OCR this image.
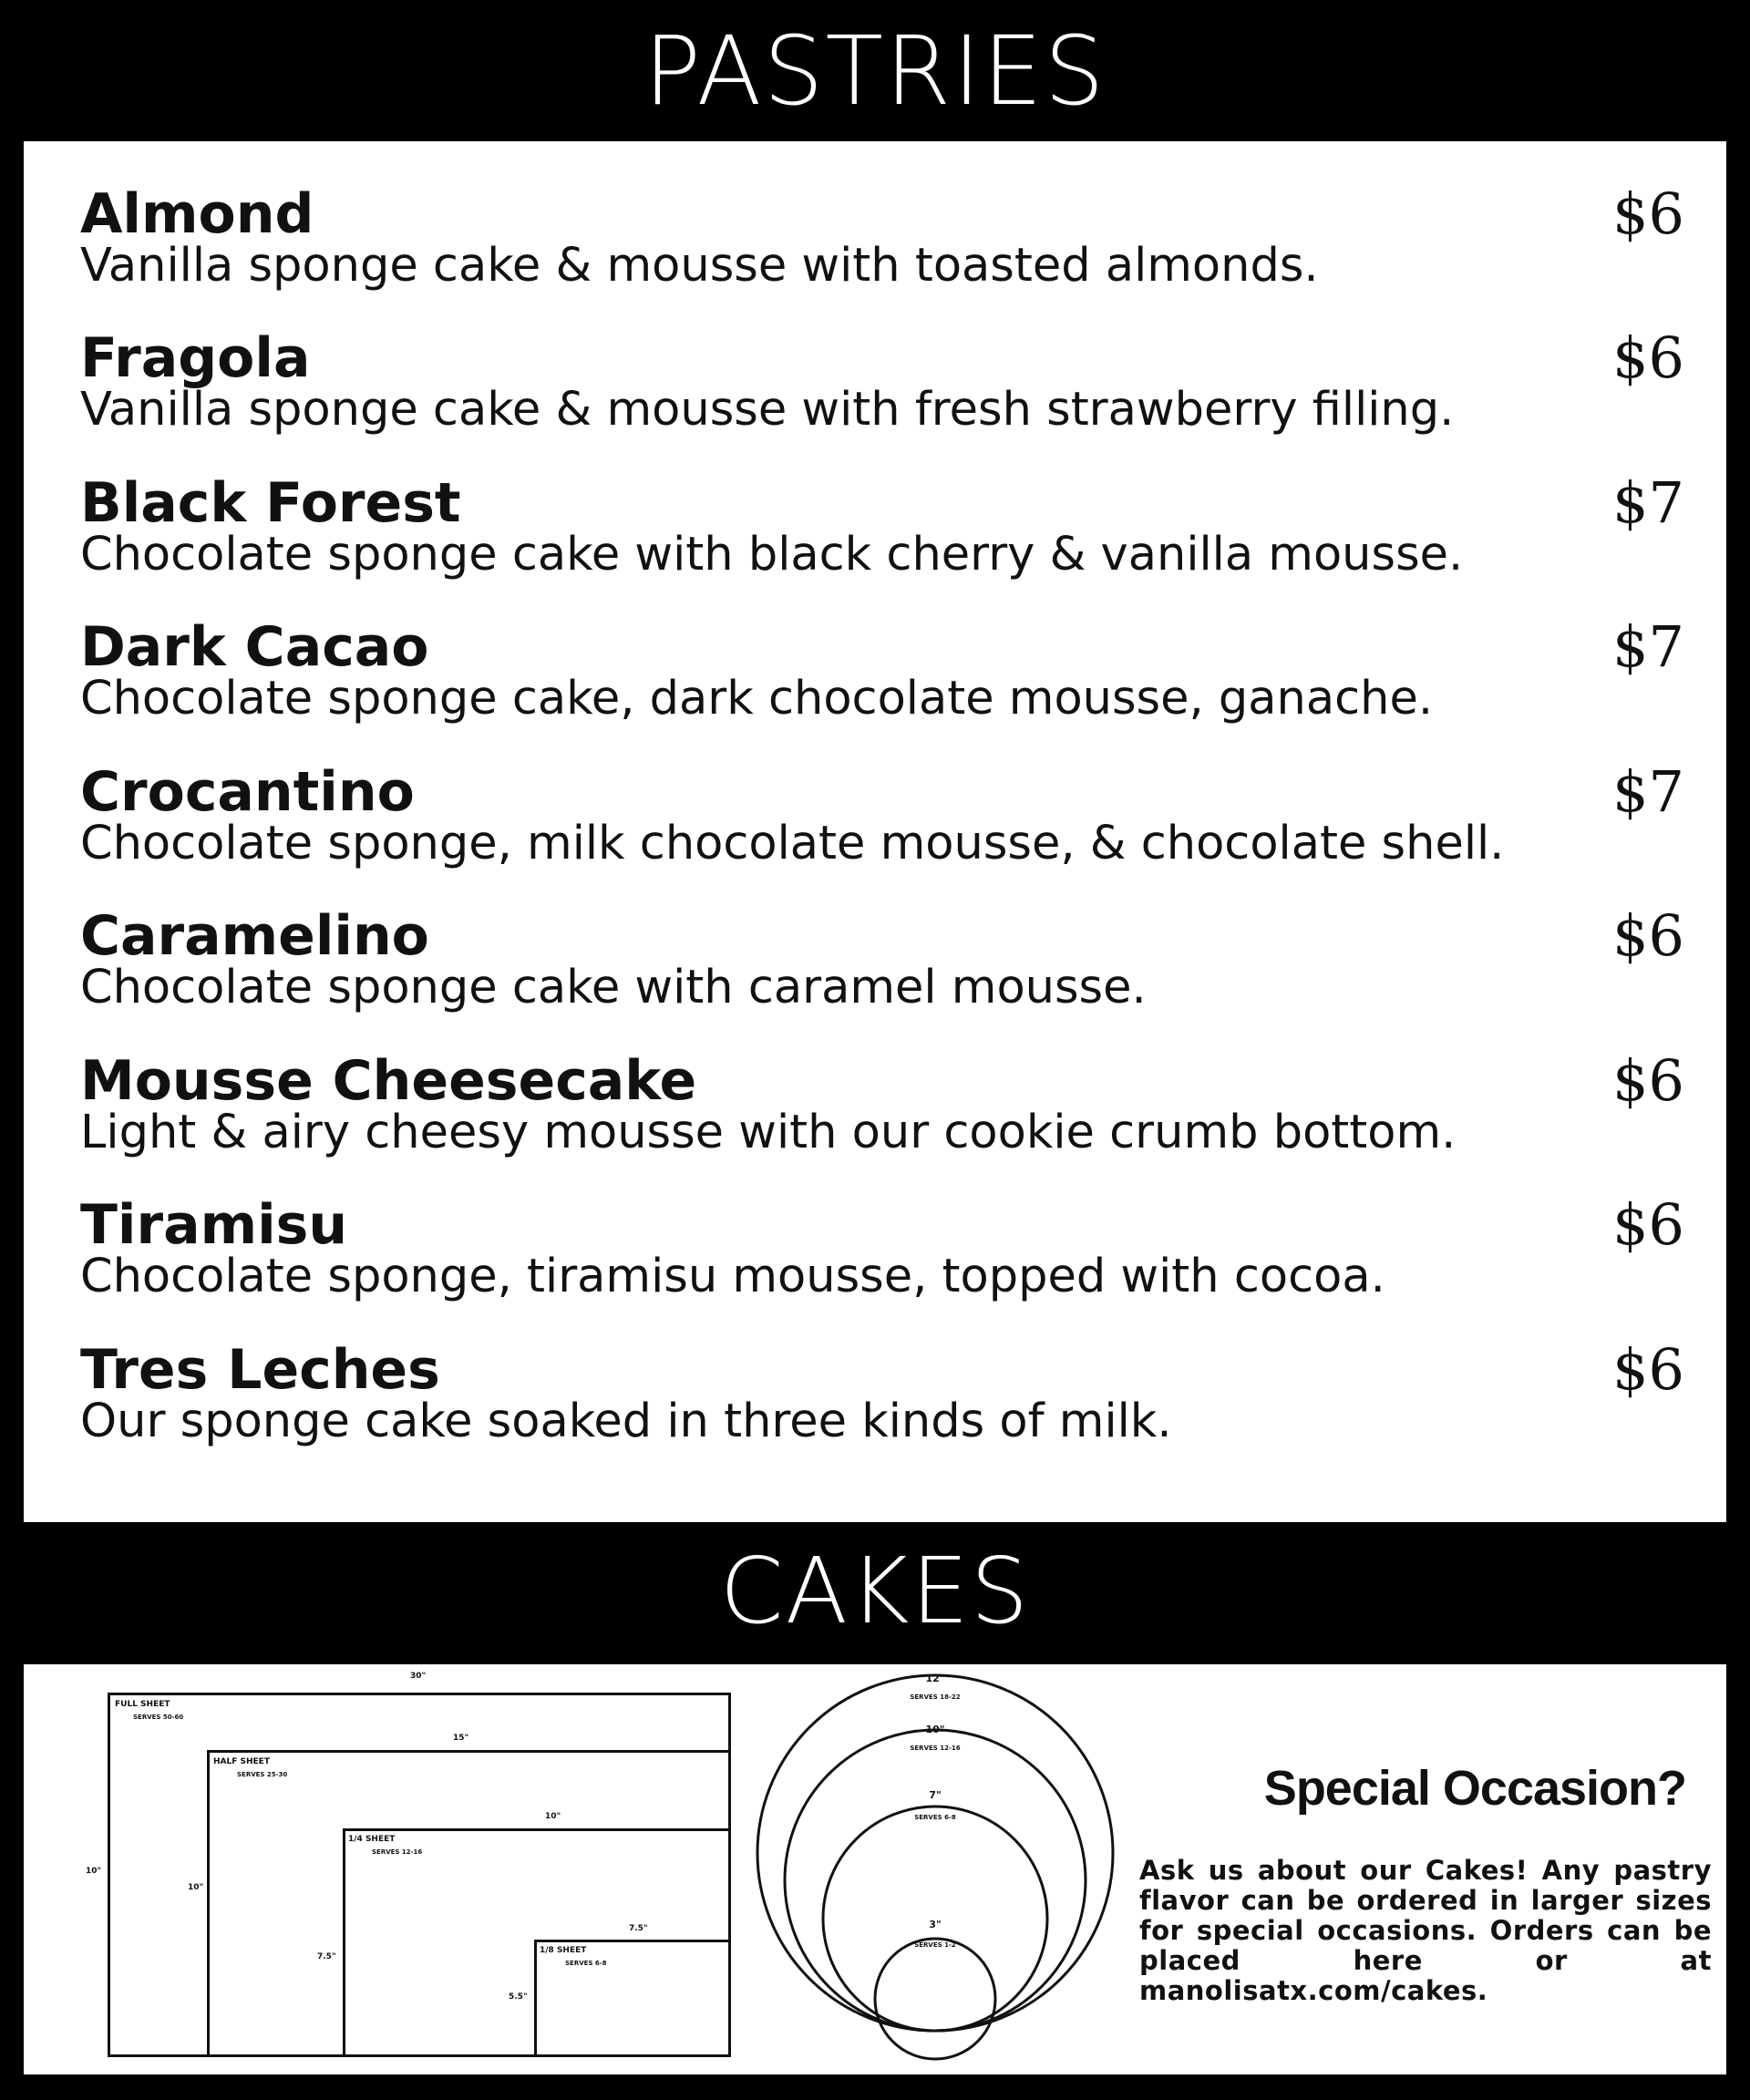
PASTRIES
Almond
Vanilla sponge cake & mousse with toasted almonds.
$6
Fragola
Vanilla sponge cake & mousse with fresh strawberry filling.
$6
Black Forest
Chocolate sponge cake with black cherry & vanilla mousse.
$7
Dark Cacao
Chocolate sponge cake, dark chocolate mousse, ganache.
$7
Crocantino
Chocolate sponge, milk chocolate mousse, & chocolate shell.
$7
Caramelino
Chocolate sponge cake with caramel mousse.
$6
Mousse Cheesecake
Light & airy cheesy mousse with our cookie crumb bottom.
$6
Tiramisu
Chocolate sponge, tiramisu mousse, topped with cocoa.
$6
Tres Leches
Our sponge cake soaked in three kinds of milk.
$6
CAKES
30"
10"
FULL SHEET
SERVES 50-60
15"
10"
HALF SHEET
SERVES 25-30
10"
7.5"
1/4 SHEET
SERVES 12-16
7.5"
5.5"
1/8 SHEET
SERVES 6-8
12"
SERVES 18-22
10"
SERVES 12-16
7"
SERVES 6-8
3"
SERVES 1-2
Special Occasion?
Ask us about our Cakes! Any pastry flavor can be ordered in larger sizes for special occasions. Orders can be placed here or at manolisatx.com/cakes.
